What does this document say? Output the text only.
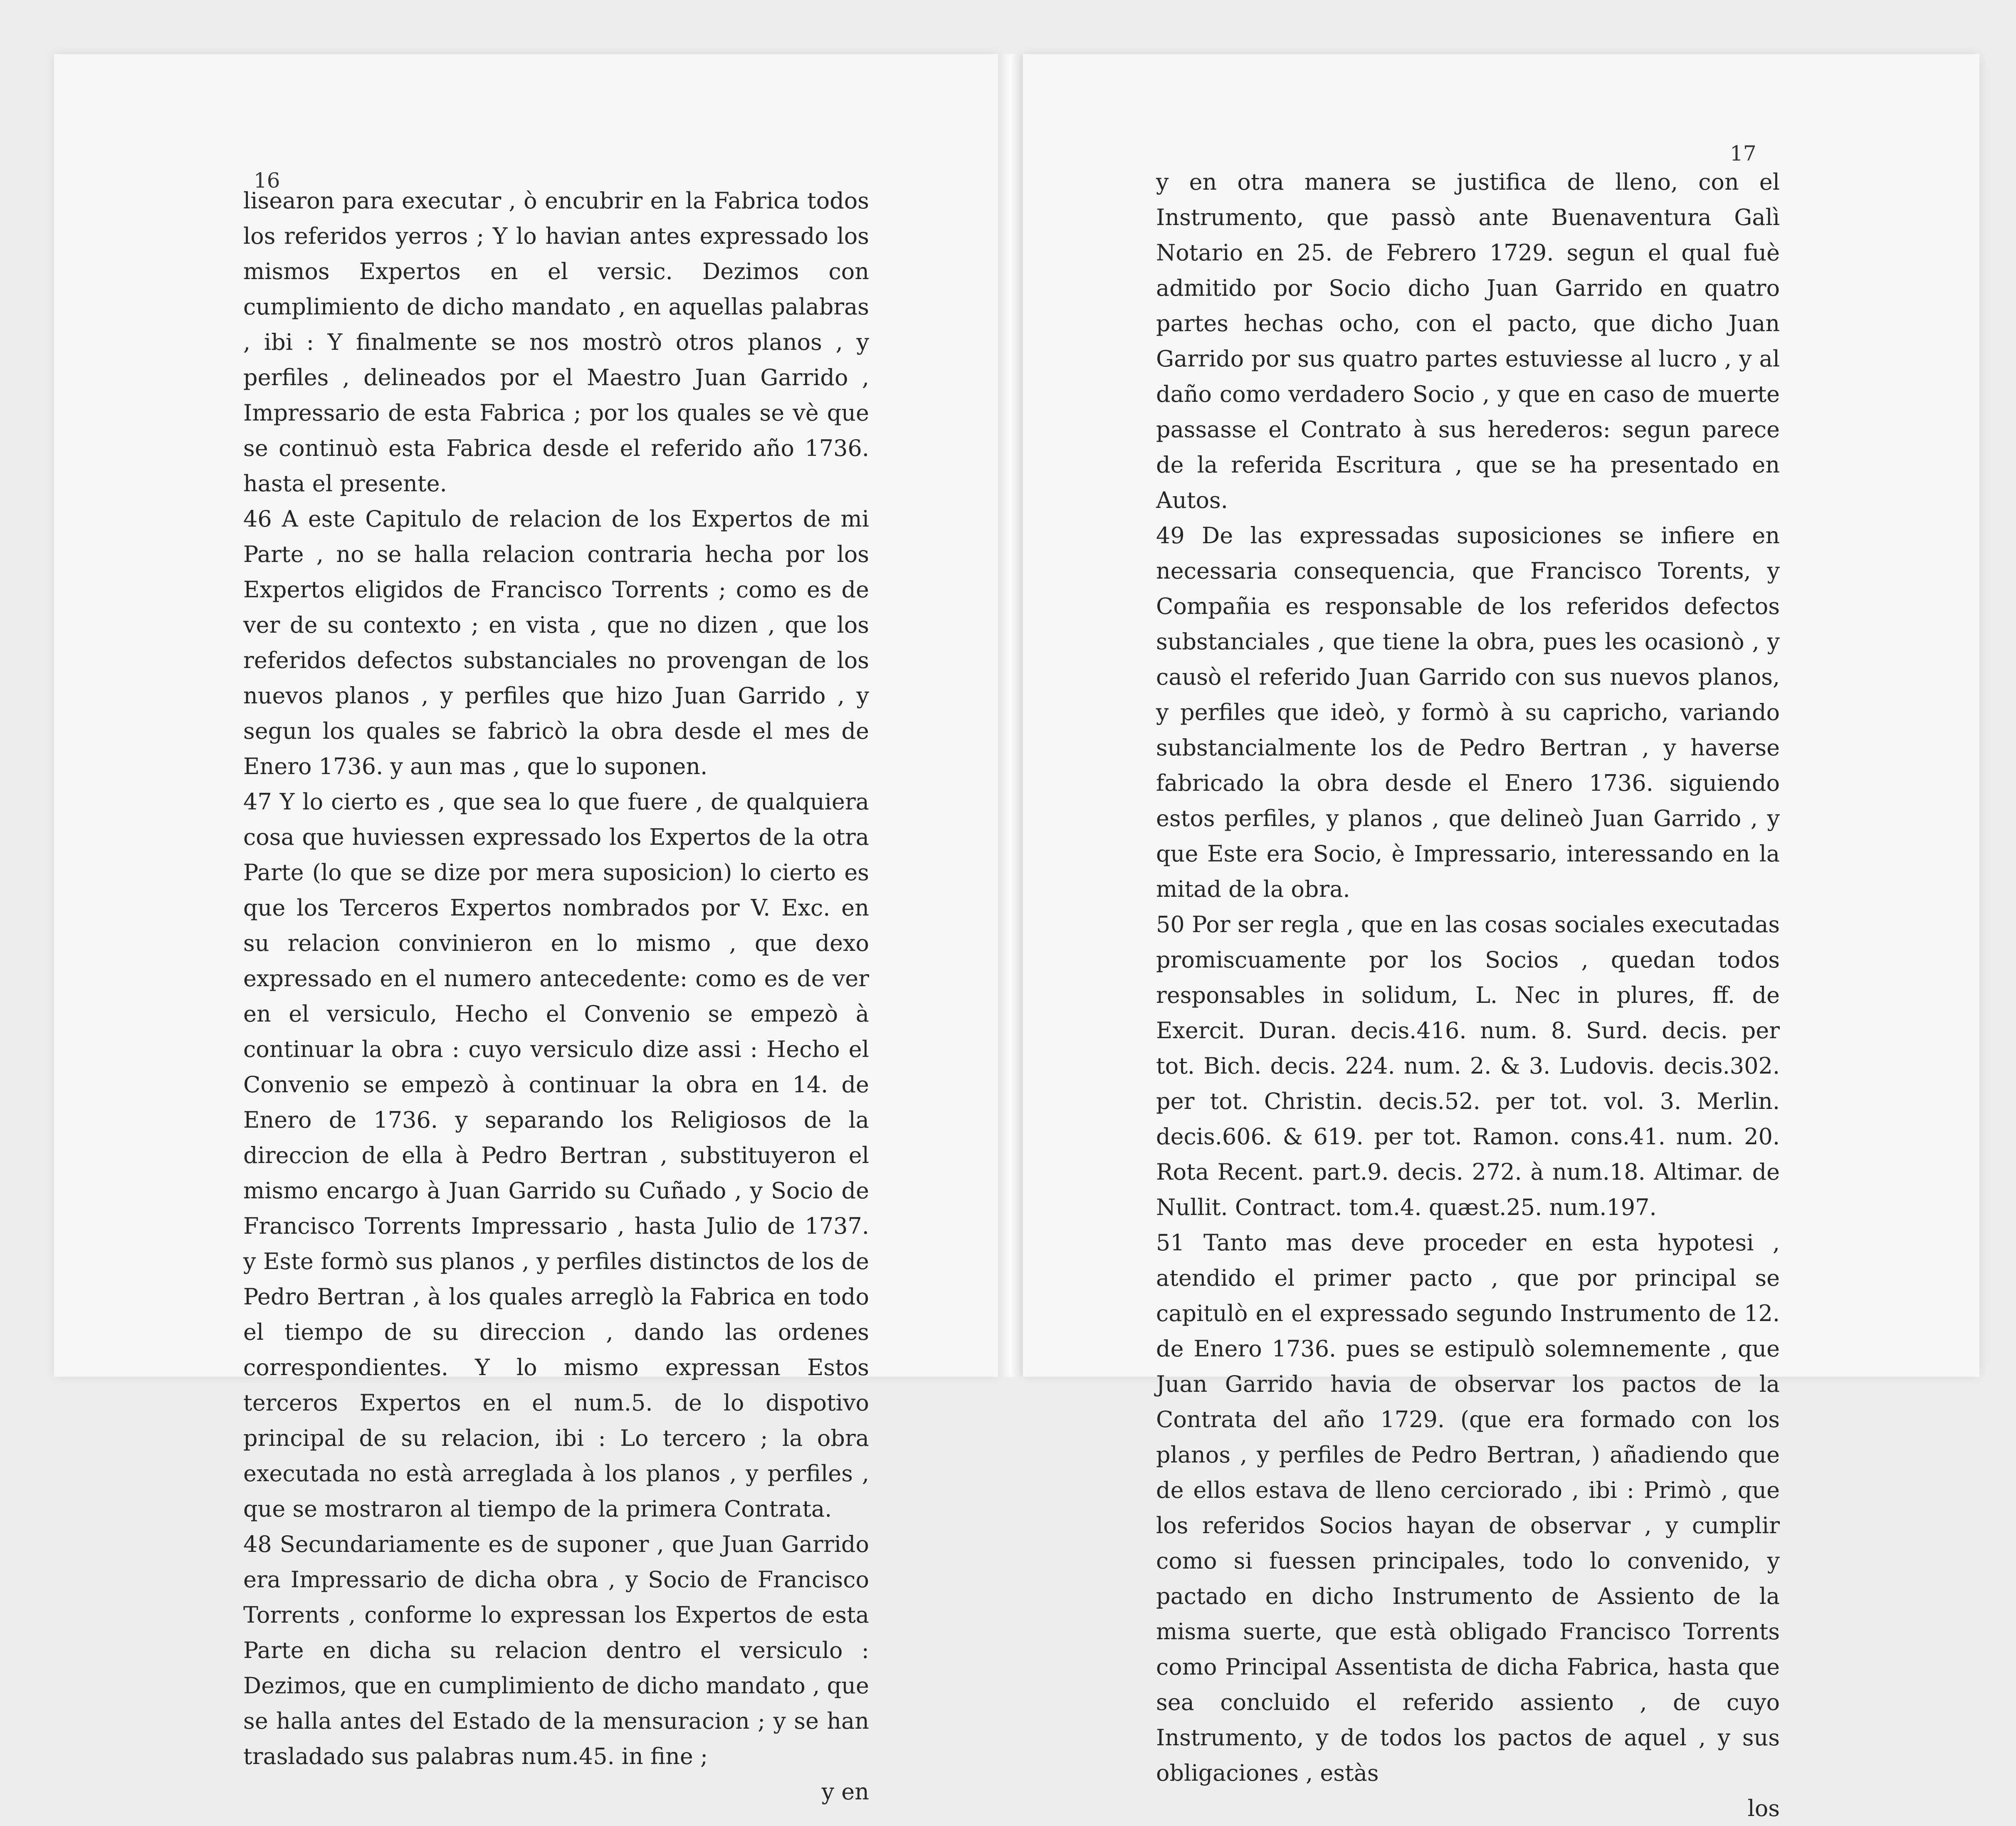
16
17

lisearon para executar , ò encubrir en la Fabrica todos los referidos yerros ; Y lo havian antes expressado los mismos Expertos en el versic. Dezimos con cumplimiento de dicho mandato , en aquellas palabras , ibi : Y finalmente se nos mostrò otros planos , y perfiles , delineados por el Maestro Juan Garrido , Impressario de esta Fabrica ; por los quales se vè que se continuò esta Fabrica desde el referido año 1736. hasta el presente.

46 A este Capitulo de relacion de los Expertos de mi Parte , no se halla relacion contraria hecha por los Expertos eligidos de Francisco Torrents ; como es de ver de su contexto ; en vista , que no dizen , que los referidos defectos substanciales no provengan de los nuevos planos , y perfiles que hizo Juan Garrido , y segun los quales se fabricò la obra desde el mes de Enero 1736. y aun mas , que lo suponen.

47 Y lo cierto es , que sea lo que fuere , de qualquiera cosa que huviessen expressado los Expertos de la otra Parte (lo que se dize por mera suposicion) lo cierto es que los Terceros Expertos nombrados por V. Exc. en su relacion convinieron en lo mismo , que dexo expressado en el numero antecedente: como es de ver en el versiculo, Hecho el Convenio se empezò à continuar la obra : cuyo versiculo dize assi : Hecho el Convenio se empezò à continuar la obra en 14. de Enero de 1736. y separando los Religiosos de la direccion de ella à Pedro Bertran , substituyeron el mismo encargo à Juan Garrido su Cuñado , y Socio de Francisco Torrents Impressario , hasta Julio de 1737. y Este formò sus planos , y perfiles distinctos de los de Pedro Bertran , à los quales arreglò la Fabrica en todo el tiempo de su direccion , dando las ordenes correspondientes. Y lo mismo expressan Estos terceros Expertos en el num.5. de lo dispotivo principal de su relacion, ibi : Lo tercero ; la obra executada no està arreglada à los planos , y perfiles , que se mostraron al tiempo de la primera Contrata.

48 Secundariamente es de suponer , que Juan Garrido era Impressario de dicha obra , y Socio de Francisco Torrents , conforme lo expressan los Expertos de esta Parte en dicha su relacion dentro el versiculo : Dezimos, que en cumplimiento de dicho mandato , que se halla antes del Estado de la mensuracion ; y se han trasladado sus palabras num.45. in fine ;

y en

y en otra manera se justifica de lleno, con el Instrumento, que passò ante Buenaventura Galì Notario en 25. de Febrero 1729. segun el qual fuè admitido por Socio dicho Juan Garrido en quatro partes hechas ocho, con el pacto, que dicho Juan Garrido por sus quatro partes estuviesse al lucro , y al daño como verdadero Socio , y que en caso de muerte passasse el Contrato à sus herederos: segun parece de la referida Escritura , que se ha presentado en Autos.

49 De las expressadas suposiciones se infiere en necessaria consequencia, que Francisco Torents, y Compañia es responsable de los referidos defectos substanciales , que tiene la obra, pues les ocasionò , y causò el referido Juan Garrido con sus nuevos planos, y perfiles que ideò, y formò à su capricho, variando substancialmente los de Pedro Bertran , y haverse fabricado la obra desde el Enero 1736. siguiendo estos perfiles, y planos , que delineò Juan Garrido , y que Este era Socio, è Impressario, interessando en la mitad de la obra.

50 Por ser regla , que en las cosas sociales executadas promiscuamente por los Socios , quedan todos responsables in solidum, L. Nec in plures, ff. de Exercit. Duran. decis.416. num. 8. Surd. decis. per tot. Bich. decis. 224. num. 2. & 3. Ludovis. decis.302. per tot. Christin. decis.52. per tot. vol. 3. Merlin. decis.606. & 619. per tot. Ramon. cons.41. num. 20. Rota Recent. part.9. decis. 272. à num.18. Altimar. de Nullit. Contract. tom.4. quæst.25. num.197.

51 Tanto mas deve proceder en esta hypotesi , atendido el primer pacto , que por principal se capitulò en el expressado segundo Instrumento de 12. de Enero 1736. pues se estipulò solemnemente , que Juan Garrido havia de observar los pactos de la Contrata del año 1729. (que era formado con los planos , y perfiles de Pedro Bertran, ) añadiendo que de ellos estava de lleno cerciorado , ibi : Primò , que los referidos Socios hayan de observar , y cumplir como si fuessen principales, todo lo convenido, y pactado en dicho Instrumento de Assiento de la misma suerte, que està obligado Francisco Torrents como Principal Assentista de dicha Fabrica, hasta que sea concluido el referido assiento , de cuyo Instrumento, y de todos los pactos de aquel , y sus obligaciones , estàs

los
